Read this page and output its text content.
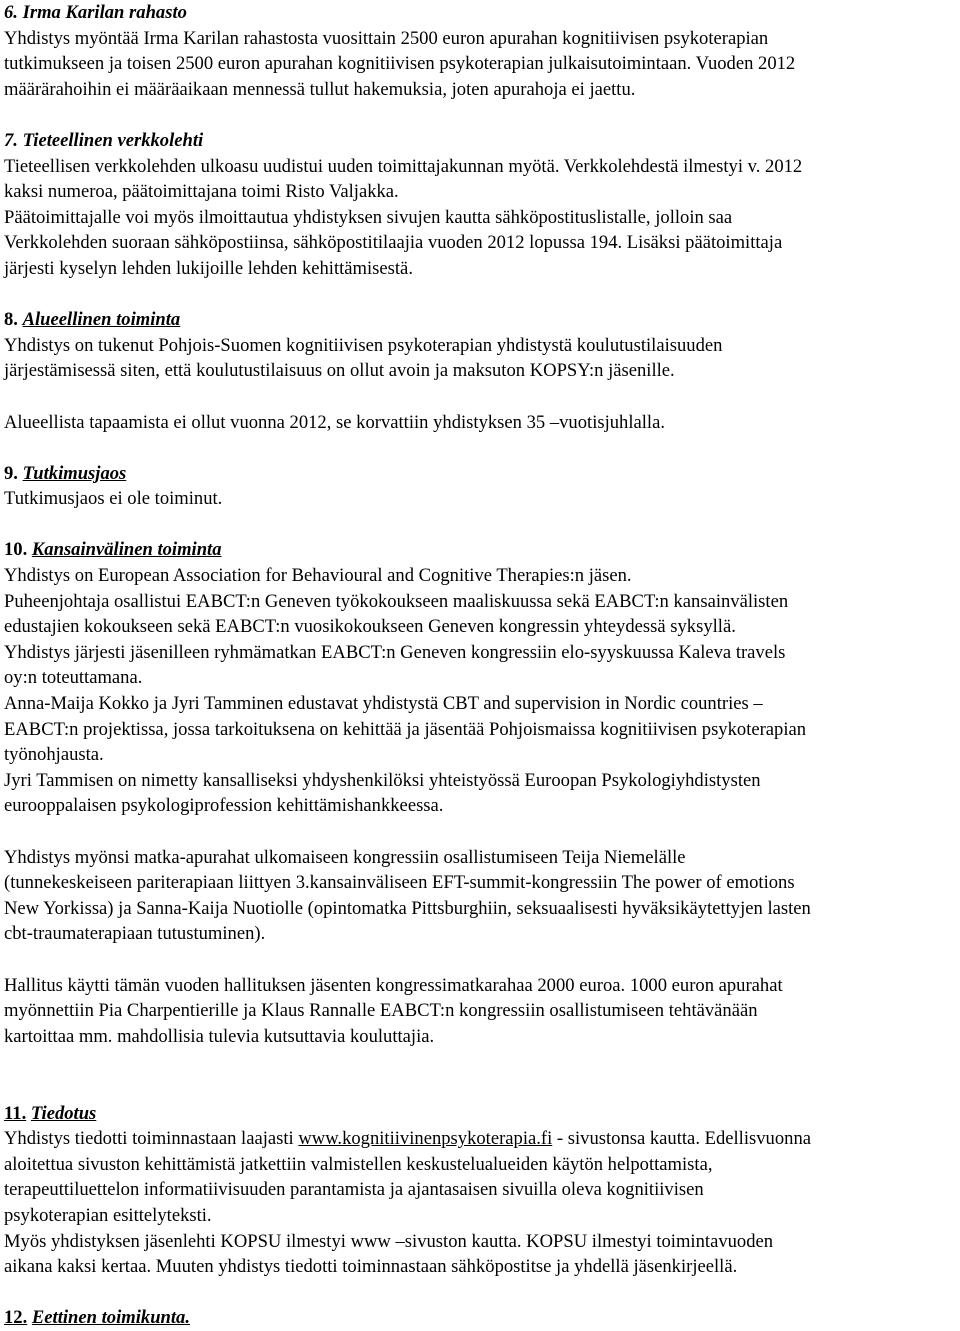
6. Irma Karilan rahasto
Yhdistys myöntää Irma Karilan rahastosta vuosittain 2500 euron apurahan kognitiivisen psykoterapian
tutkimukseen ja toisen 2500 euron apurahan kognitiivisen psykoterapian julkaisutoimintaan. Vuoden 2012
määrärahoihin ei määräaikaan mennessä tullut hakemuksia, joten apurahoja ei jaettu.
7. Tieteellinen verkkolehti
Tieteellisen verkkolehden ulkoasu uudistui uuden toimittajakunnan myötä. Verkkolehdestä ilmestyi v. 2012
kaksi numeroa, päätoimittajana toimi Risto Valjakka.
Päätoimittajalle voi myös ilmoittautua yhdistyksen sivujen kautta sähköpostituslistalle, jolloin saa
Verkkolehden suoraan sähköpostiinsa, sähköpostitilaajia vuoden 2012 lopussa 194. Lisäksi päätoimittaja
järjesti kyselyn lehden lukijoille lehden kehittämisestä.
8. Alueellinen toiminta
Yhdistys on tukenut Pohjois-Suomen kognitiivisen psykoterapian yhdistystä koulutustilaisuuden
järjestämisessä siten, että koulutustilaisuus on ollut avoin ja maksuton KOPSY:n jäsenille.
Alueellista tapaamista ei ollut vuonna 2012, se korvattiin yhdistyksen 35 –vuotisjuhlalla.
9. Tutkimusjaos
Tutkimusjaos ei ole toiminut.
10. Kansainvälinen toiminta
Yhdistys on European Association for Behavioural and Cognitive Therapies:n jäsen.
Puheenjohtaja osallistui EABCT:n Geneven työkokoukseen maaliskuussa sekä EABCT:n kansainvälisten
edustajien kokoukseen sekä EABCT:n vuosikokoukseen Geneven kongressin yhteydessä syksyllä.
Yhdistys järjesti jäsenilleen ryhmämatkan EABCT:n Geneven kongressiin elo-syyskuussa Kaleva travels
oy:n toteuttamana.
Anna-Maija Kokko ja Jyri Tamminen edustavat yhdistystä CBT and supervision in Nordic countries –
EABCT:n projektissa, jossa tarkoituksena on kehittää ja jäsentää Pohjoismaissa kognitiivisen psykoterapian
työnohjausta.
Jyri Tammisen on nimetty kansalliseksi yhdyshenkilöksi yhteistyössä Euroopan Psykologiyhdistysten
eurooppalaisen psykologiprofession kehittämishankkeessa.
Yhdistys myönsi matka-apurahat ulkomaiseen kongressiin osallistumiseen Teija Niemelälle
(tunnekeskeiseen pariterapiaan liittyen 3.kansainväliseen EFT-summit-kongressiin The power of emotions
New Yorkissa) ja Sanna-Kaija Nuotiolle (opintomatka Pittsburghiin, seksuaalisesti hyväksikäytettyjen lasten
cbt-traumaterapiaan tutustuminen).
Hallitus käytti tämän vuoden hallituksen jäsenten kongressimatkarahaa 2000 euroa. 1000 euron apurahat
myönnettiin Pia Charpentierille ja Klaus Rannalle EABCT:n kongressiin osallistumiseen tehtävänään
kartoittaa mm. mahdollisia tulevia kutsuttavia kouluttajia.
11. Tiedotus
Yhdistys tiedotti toiminnastaan laajasti www.kognitiivinenpsykoterapia.fi - sivustonsa kautta. Edellisvuonna
aloitettua sivuston kehittämistä jatkettiin valmistellen keskustelualueiden käytön helpottamista,
terapeuttiluettelon informatiivisuuden parantamista ja ajantasaisen sivuilla oleva kognitiivisen
psykoterapian esittelyteksti.
Myös yhdistyksen jäsenlehti KOPSU ilmestyi www –sivuston kautta. KOPSU ilmestyi toimintavuoden
aikana kaksi kertaa. Muuten yhdistys tiedotti toiminnastaan sähköpostitse ja yhdellä jäsenkirjeellä.
12. Eettinen toimikunta.
